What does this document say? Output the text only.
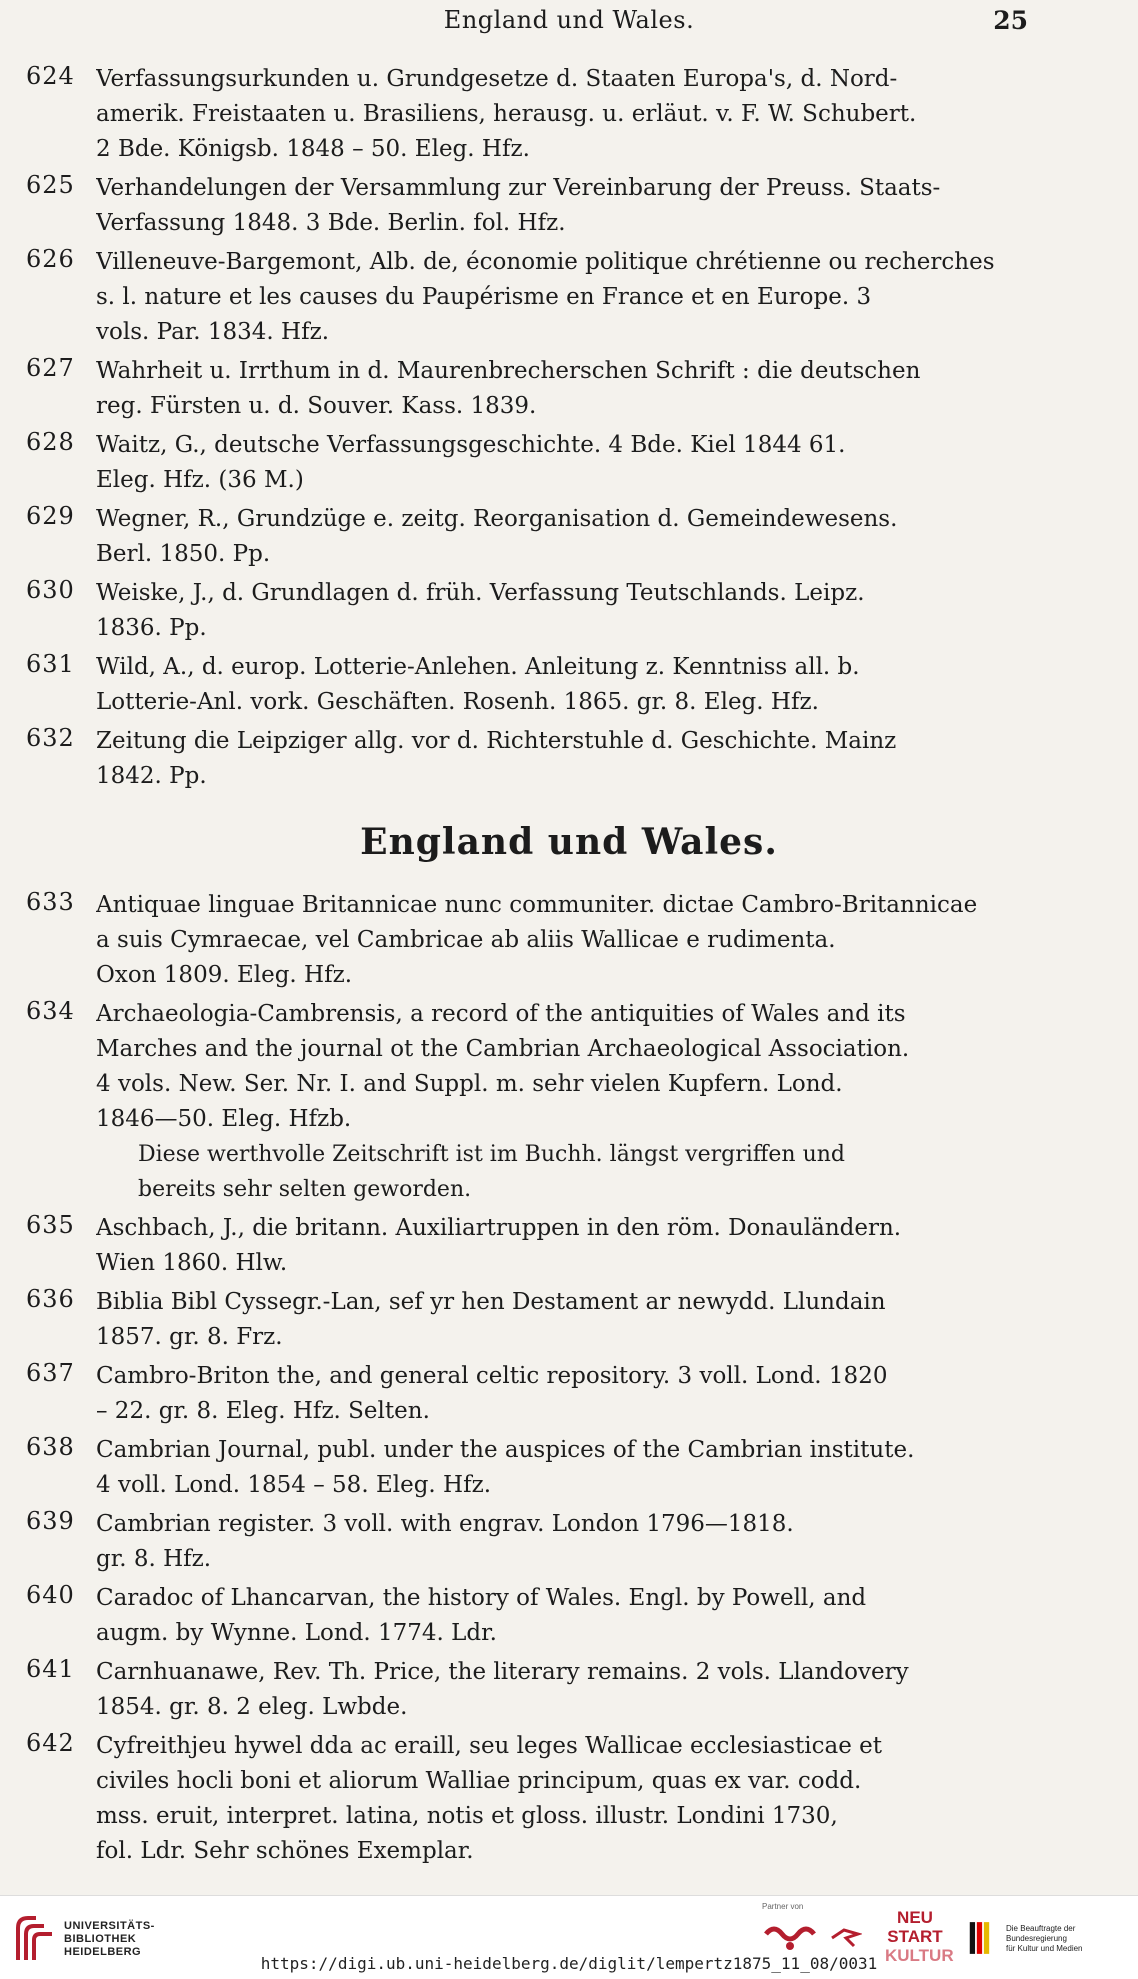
England und Wales.	25
624 Verfassungsurkunden u. Grundgesetze d. Staaten Europa's, d. Nord-
amerik. Freistaaten u. Brasiliens, herausg. u. erläut. v. F. W. Schubert.
2 Bde. Königsb. 1848 – 50. Eleg. Hfz.
625 Verhandelungen der Versammlung zur Vereinbarung der Preuss. Staats-
Verfassung 1848. 3 Bde. Berlin. fol. Hfz.
626 Villeneuve-Bargemont, Alb. de, économie politique chrétienne ou recherches
s. l. nature et les causes du Paupérisme en France et en Europe. 3
vols. Par. 1834. Hfz.
627 Wahrheit u. Irrthum in d. Maurenbrecherschen Schrift : die deutschen
reg. Fürsten u. d. Souver. Kass. 1839.
628 Waitz, G., deutsche Verfassungsgeschichte. 4 Bde. Kiel 1844 61.
Eleg. Hfz. (36 M.)
629 Wegner, R., Grundzüge e. zeitg. Reorganisation d. Gemeindewesens.
Berl. 1850. Pp.
630 Weiske, J., d. Grundlagen d. früh. Verfassung Teutschlands. Leipz.
1836. Pp.
631 Wild, A., d. europ. Lotterie-Anlehen. Anleitung z. Kenntniss all. b.
Lotterie-Anl. vork. Geschäften. Rosenh. 1865. gr. 8. Eleg. Hfz.
632 Zeitung die Leipziger allg. vor d. Richterstuhle d. Geschichte. Mainz
1842. Pp.
England und Wales.
633 Antiquae linguae Britannicae nunc communiter. dictae Cambro-Britannicae
a suis Cymraecae, vel Cambricae ab aliis Wallicae e rudimenta.
Oxon 1809. Eleg. Hfz.
634 Archaeologia-Cambrensis, a record of the antiquities of Wales and its
Marches and the journal ot the Cambrian Archaeological Association.
4 vols. New. Ser. Nr. I. and Suppl. m. sehr vielen Kupfern. Lond.
1846—50. Eleg. Hfzb.
Diese werthvolle Zeitschrift ist im Buchh. längst vergriffen und
bereits sehr selten geworden.
635 Aschbach, J., die britann. Auxiliartruppen in den röm. Donauländern.
Wien 1860. Hlw.
636 Biblia Bibl Cyssegr.-Lan, sef yr hen Destament ar newydd. Llundain
1857. gr. 8. Frz.
637 Cambro-Briton the, and general celtic repository. 3 voll. Lond. 1820
– 22. gr. 8. Eleg. Hfz. Selten.
638 Cambrian Journal, publ. under the auspices of the Cambrian institute.
4 voll. Lond. 1854 – 58. Eleg. Hfz.
639 Cambrian register. 3 voll. with engrav. London 1796—1818.
gr. 8. Hfz.
640 Caradoc of Lhancarvan, the history of Wales. Engl. by Powell, and
augm. by Wynne. Lond. 1774. Ldr.
641 Carnhuanawe, Rev. Th. Price, the literary remains. 2 vols. Llandovery
1854. gr. 8. 2 eleg. Lwbde.
642 Cyfreithjeu hywel dda ac eraill, seu leges Wallicae ecclesiasticae et
civiles hocli boni et aliorum Walliae principum, quas ex var. codd.
mss. eruit, interpret. latina, notis et gloss. illustr. Londini 1730,
fol. Ldr. Sehr schönes Exemplar.
UNIVERSITÄTS-
BIBLIOTHEK
HEIDELBERG
Partner von
NEU
START
KULTUR
Die Beauftragte der Bundesregierung
für Kultur und Medien
https://digi.ub.uni-heidelberg.de/diglit/lempertz1875_11_08/0031
